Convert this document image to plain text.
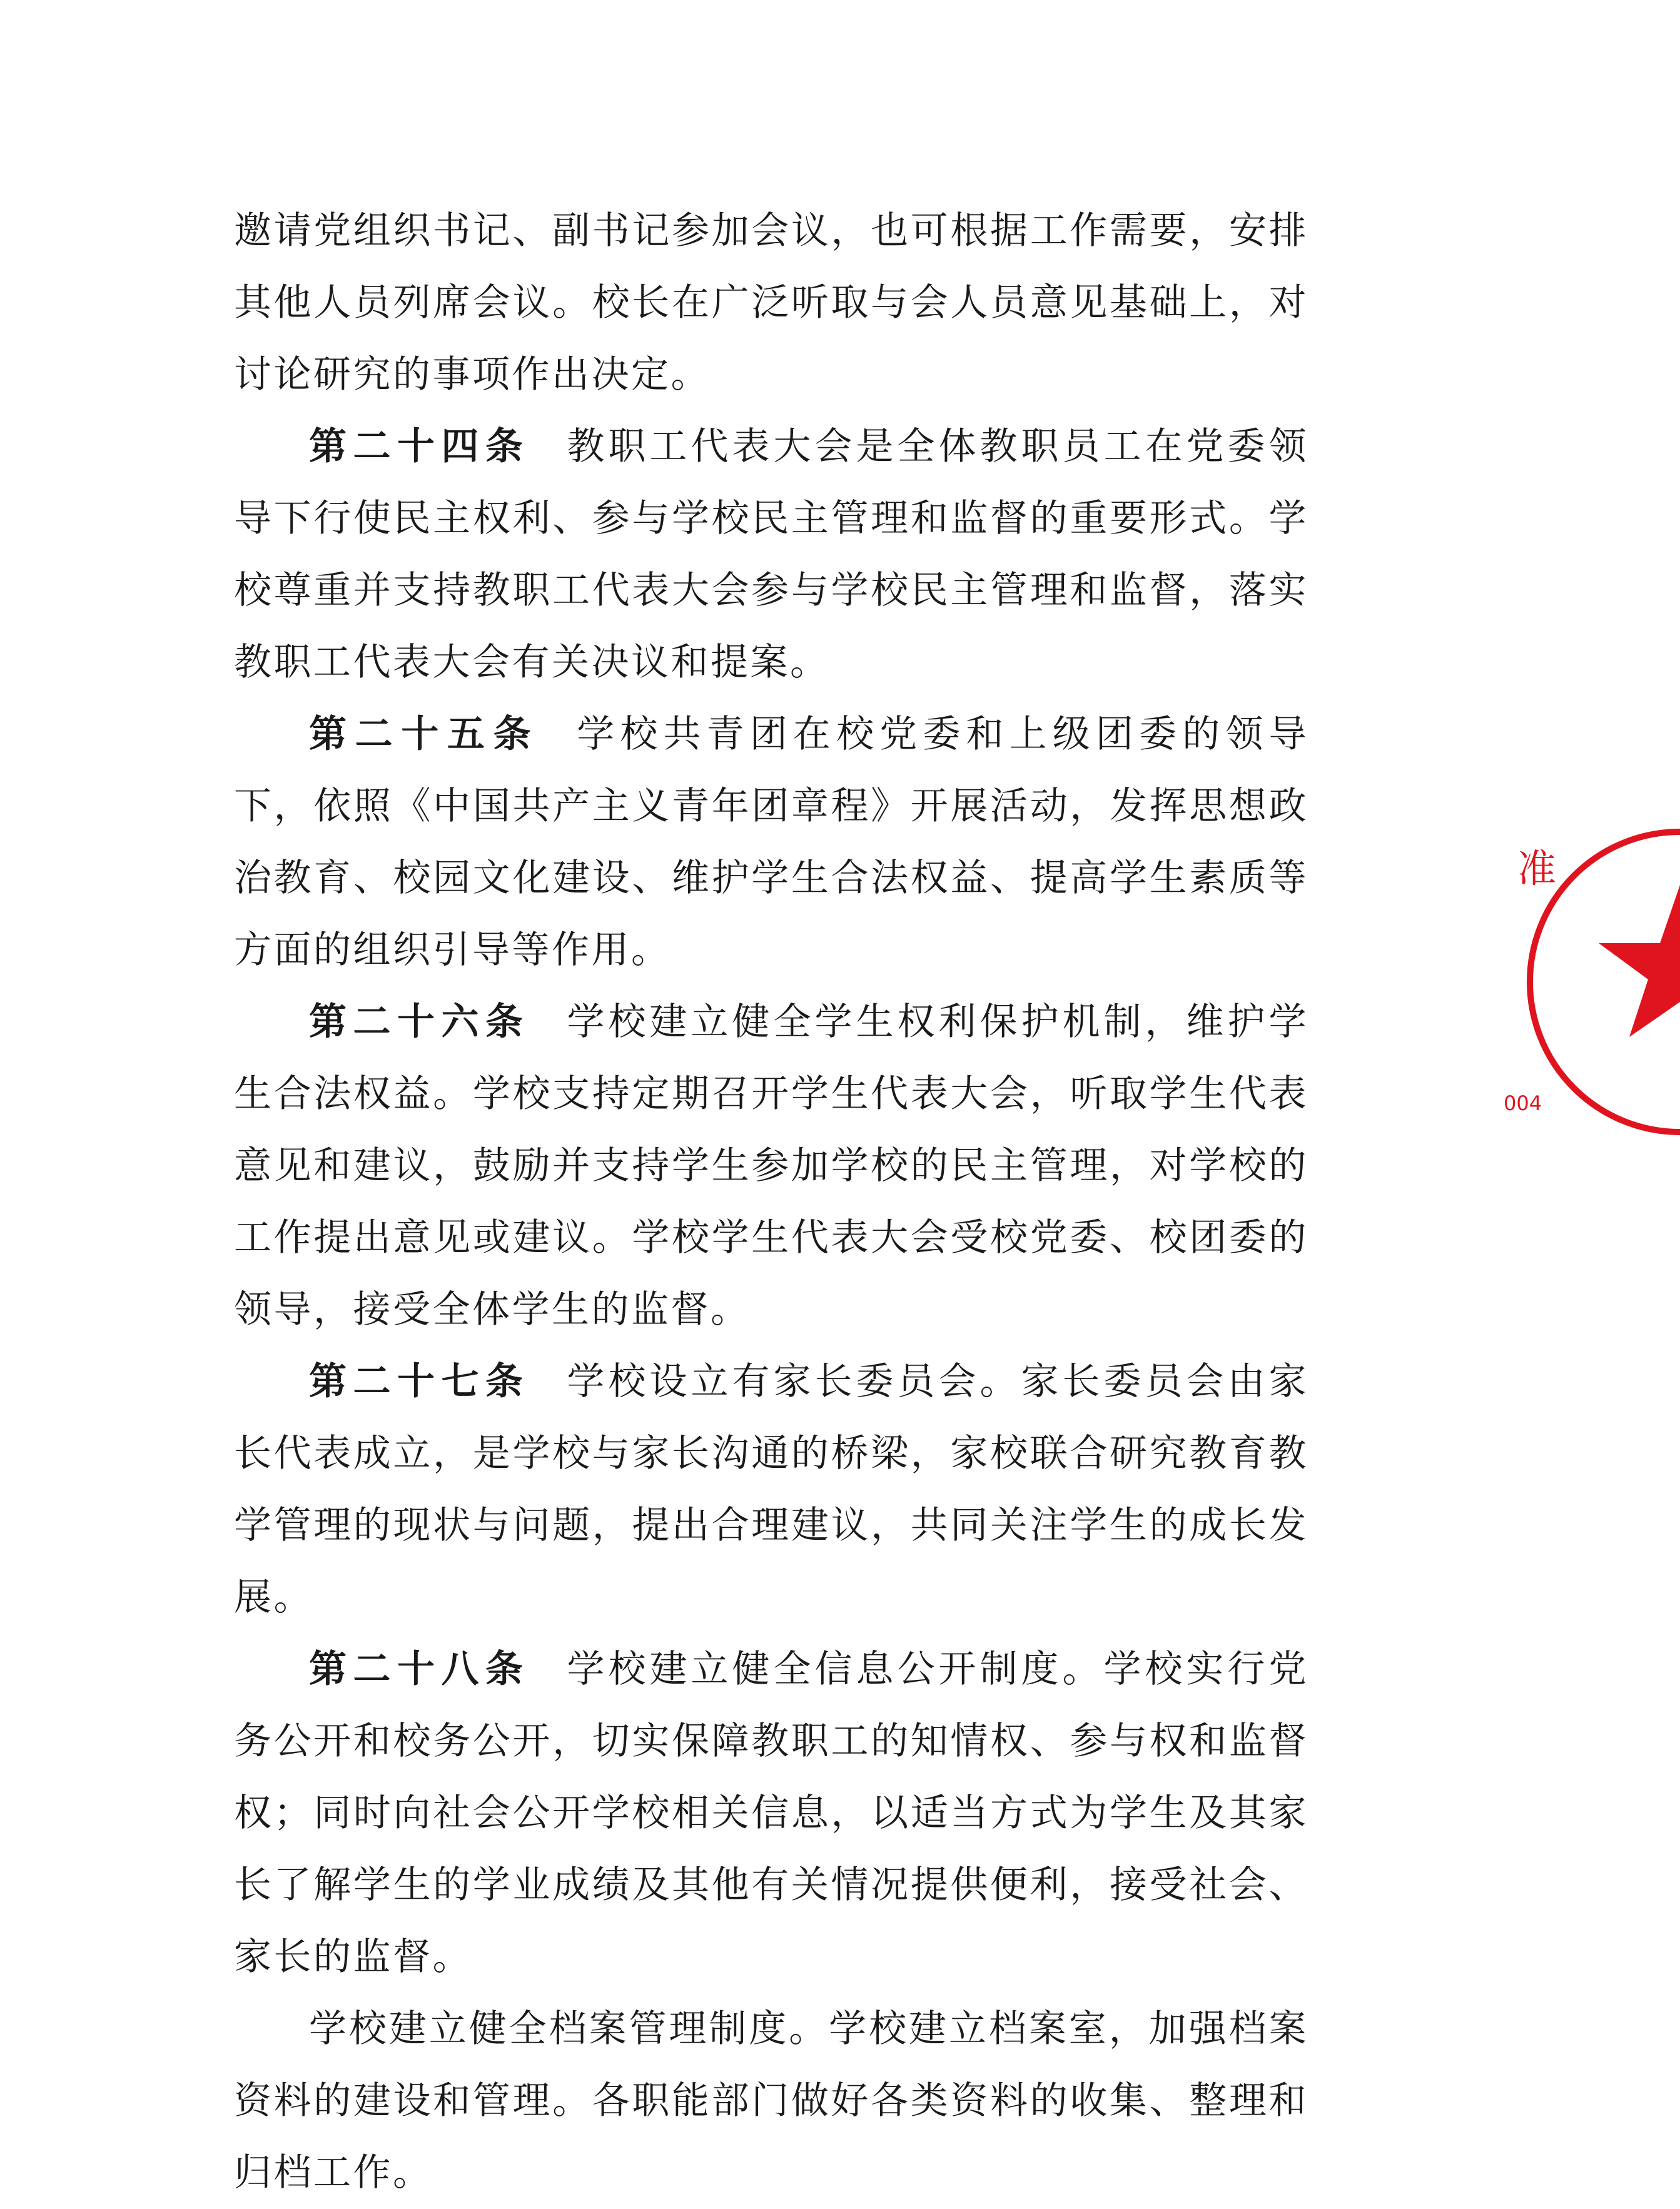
邀请党组织书记、副书记参加会议，也可根据工作需要，安排其他人员列席会议。校长在广泛听取与会人员意见基础上，对讨论研究的事项作出决定。

第二十四条 教职工代表大会是全体教职员工在党委领导下行使民主权利、参与学校民主管理和监督的重要形式。学校尊重并支持教职工代表大会参与学校民主管理和监督，落实教职工代表大会有关决议和提案。

第二十五条 学校共青团在校党委和上级团委的领导下，依照《中国共产主义青年团章程》开展活动，发挥思想政治教育、校园文化建设、维护学生合法权益、提高学生素质等方面的组织引导等作用。

第二十六条 学校建立健全学生权利保护机制，维护学生合法权益。学校支持定期召开学生代表大会，听取学生代表意见和建议，鼓励并支持学生参加学校的民主管理，对学校的工作提出意见或建议。学校学生代表大会受校党委、校团委的领导，接受全体学生的监督。

第二十七条 学校设立有家长委员会。家长委员会由家长代表成立，是学校与家长沟通的桥梁，家校联合研究教育教学管理的现状与问题，提出合理建议，共同关注学生的成长发展。

第二十八条 学校建立健全信息公开制度。学校实行党务公开和校务公开，切实保障教职工的知情权、参与权和监督权；同时向社会公开学校相关信息，以适当方式为学生及其家长了解学生的学业成绩及其他有关情况提供便利，接受社会、家长的监督。

学校建立健全档案管理制度。学校建立档案室，加强档案资料的建设和管理。各职能部门做好各类资料的收集、整理和归档工作。

准
004
